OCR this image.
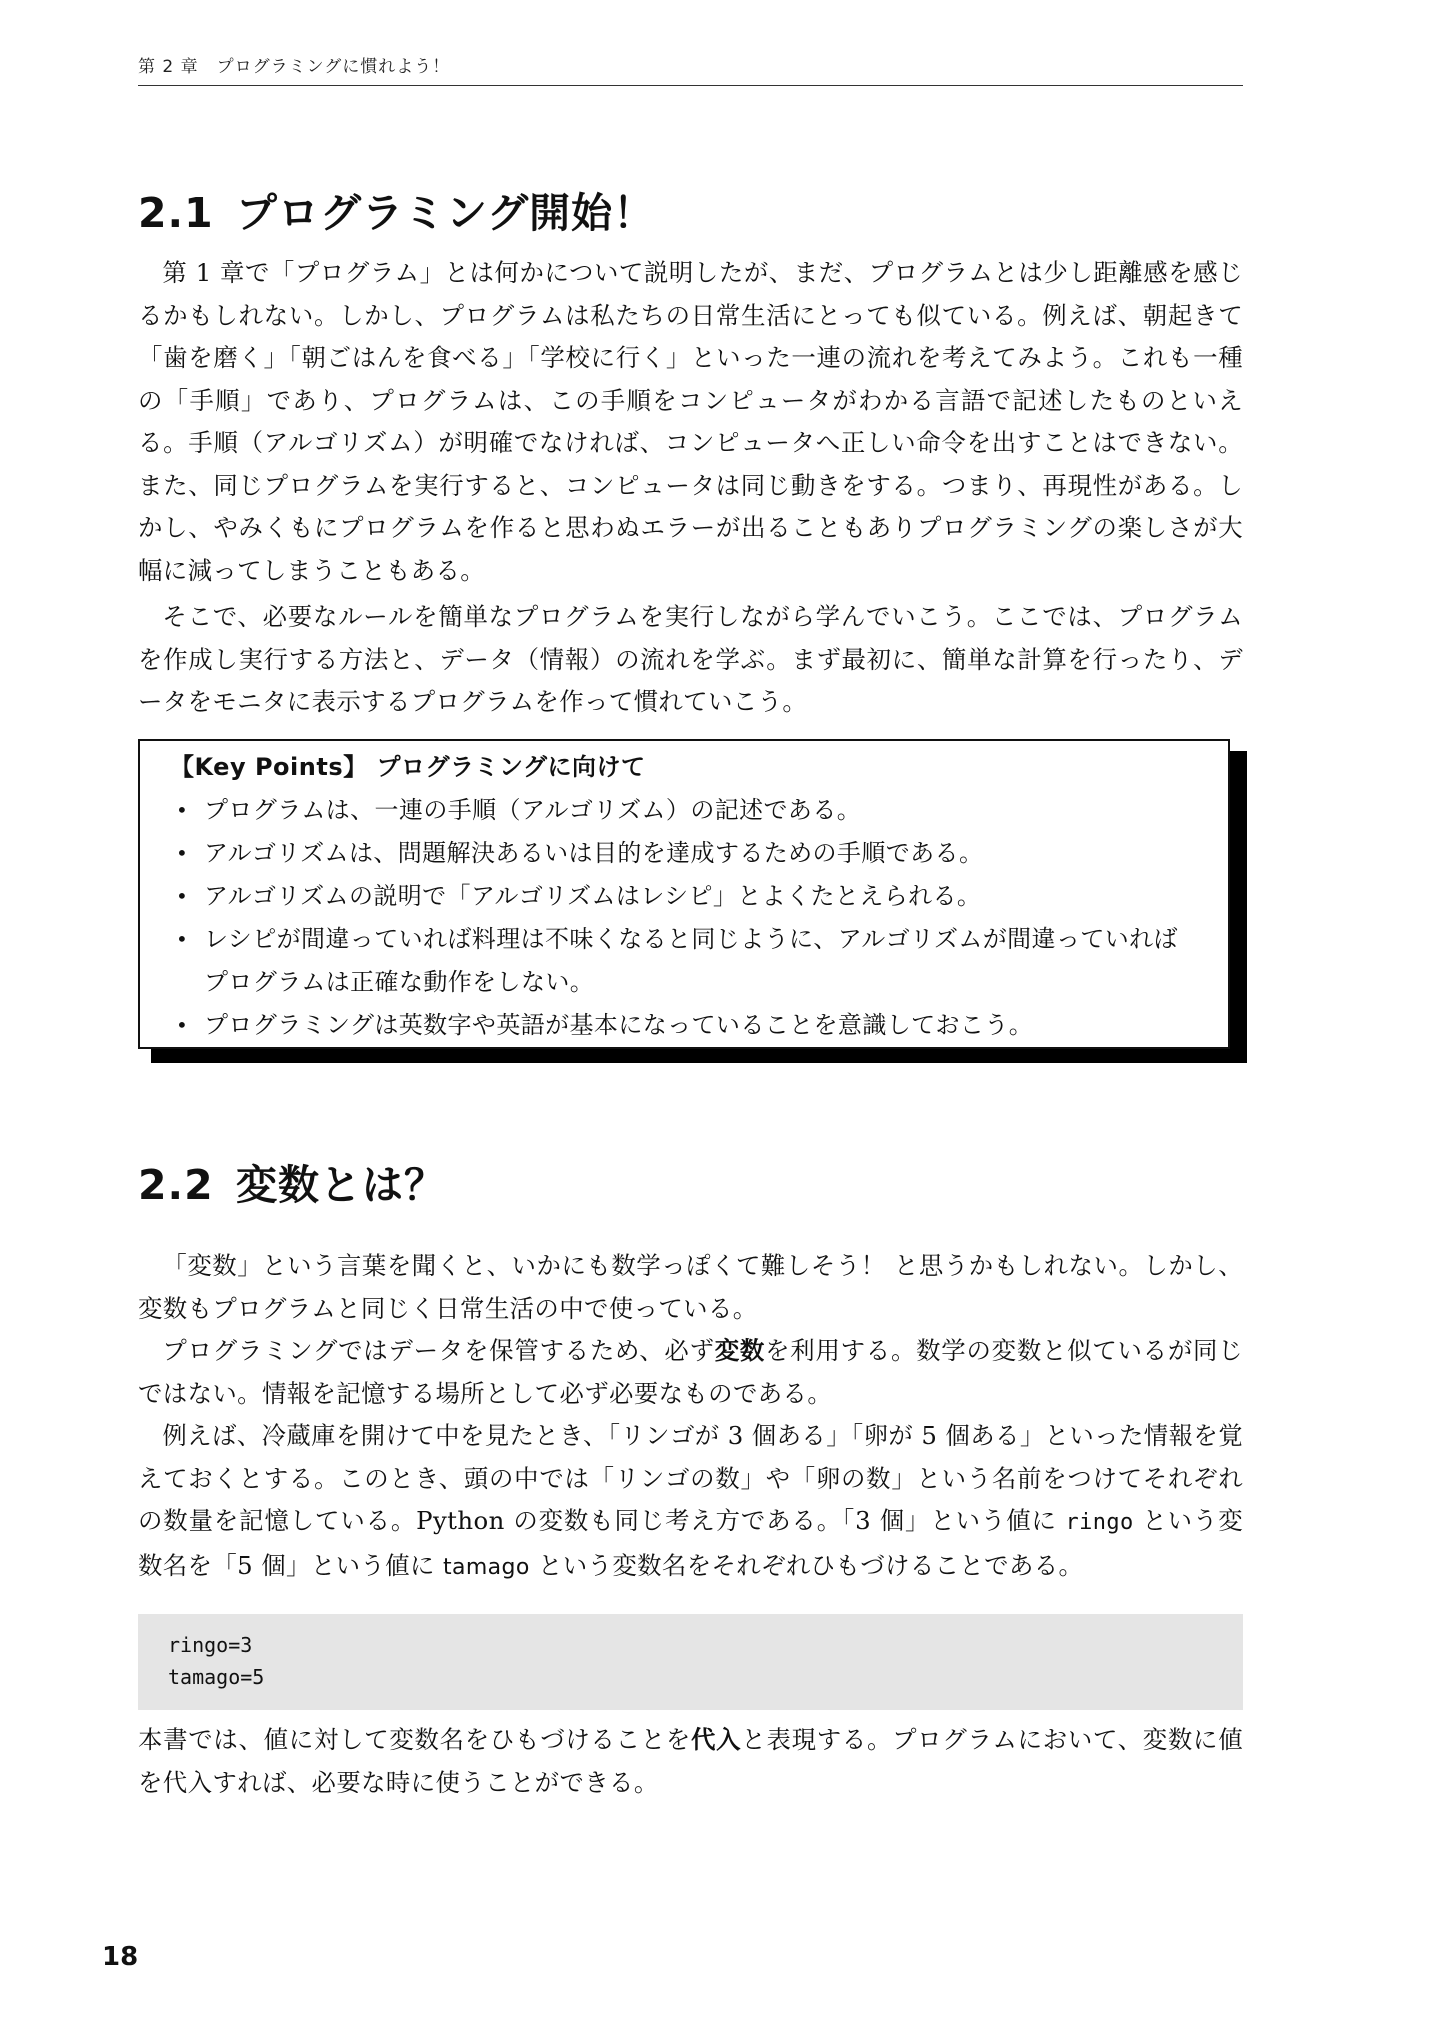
第 2 章　プログラミングに慣れよう！
2.1 プログラミング開始！

第 1 章で「プログラム」とは何かについて説明したが、まだ、プログラムとは少し距離感を感じるかもしれない。しかし、プログラムは私たちの日常生活にとっても似ている。例えば、朝起きて「歯を磨く」「朝ごはんを食べる」「学校に行く」といった一連の流れを考えてみよう。これも一種の「手順」であり、プログラムは、この手順をコンピュータがわかる言語で記述したものといえる。手順（アルゴリズム）が明確でなければ、コンピュータへ正しい命令を出すことはできない。また、同じプログラムを実行すると、コンピュータは同じ動きをする。つまり、再現性がある。しかし、やみくもにプログラムを作ると思わぬエラーが出ることもありプログラミングの楽しさが大幅に減ってしまうこともある。

そこで、必要なルールを簡単なプログラムを実行しながら学んでいこう。ここでは、プログラムを作成し実行する方法と、データ（情報）の流れを学ぶ。まず最初に、簡単な計算を行ったり、データをモニタに表示するプログラムを作って慣れていこう。

【Key Points】 プログラミングに向けて

• プログラムは、一連の手順（アルゴリズム）の記述である。
• アルゴリズムは、問題解決あるいは目的を達成するための手順である。
• アルゴリズムの説明で「アルゴリズムはレシピ」とよくたとえられる。
• レシピが間違っていれば料理は不味くなると同じように、アルゴリズムが間違っていればプログラムは正確な動作をしない。
• プログラミングは英数字や英語が基本になっていることを意識しておこう。
2.2 変数とは？

「変数」という言葉を聞くと、いかにも数学っぽくて難しそう！ と思うかもしれない。しかし、変数もプログラムと同じく日常生活の中で使っている。

プログラミングではデータを保管するため、必ず変数を利用する。数学の変数と似ているが同じではない。情報を記憶する場所として必ず必要なものである。

例えば、冷蔵庫を開けて中を見たとき、「リンゴが 3 個ある」「卵が 5 個ある」といった情報を覚えておくとする。このとき、頭の中では「リンゴの数」や「卵の数」という名前をつけてそれぞれの数量を記憶している。Python の変数も同じ考え方である。「3 個」という値に ringo という変数名を「5 個」という値に tamago という変数名をそれぞれひもづけることである。

ringo=3
tamago=5

本書では、値に対して変数名をひもづけることを代入と表現する。プログラムにおいて、変数に値を代入すれば、必要な時に使うことができる。

18
